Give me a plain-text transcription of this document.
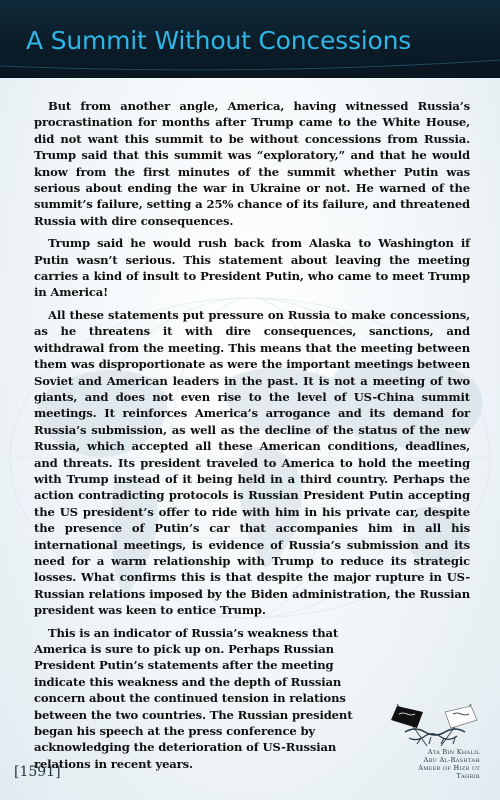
A Summit Without Concessions

But from another angle, America, having witnessed Russia’s procrastination for months after Trump came to the White House, did not want this summit to be without concessions from Russia. Trump said that this summit was “exploratory,” and that he would know from the first minutes of the summit whether Putin was serious about ending the war in Ukraine or not. He warned of the summit’s failure, setting a 25% chance of its failure, and threatened Russia with dire consequences.

Trump said he would rush back from Alaska to Washington if Putin wasn’t serious. This statement about leaving the meeting carries a kind of insult to President Putin, who came to meet Trump in America!

All these statements put pressure on Russia to make concessions, as he threatens it with dire consequences, sanctions, and withdrawal from the meeting. This means that the meeting between them was disproportionate as were the important meetings between Soviet and American leaders in the past. It is not a meeting of two giants, and does not even rise to the level of US-China summit meetings. It reinforces America’s arrogance and its demand for Russia’s submission, as well as the decline of the status of the new Russia, which accepted all these American conditions, deadlines, and threats. Its president traveled to America to hold the meeting with Trump instead of it being held in a third country. Perhaps the action contradicting protocols is Russian President Putin accepting the US president’s offer to ride with him in his private car, despite the presence of Putin’s car that accompanies him in all his international meetings, is evidence of Russia’s submission and its need for a warm relationship with Trump to reduce its strategic losses. What confirms this is that despite the major rupture in US-Russian relations imposed by the Biden administration, the Russian president was keen to entice Trump.

This is an indicator of Russia’s weakness that America is sure to pick up on. Perhaps Russian President Putin’s statements after the meeting indicate this weakness and the depth of Russian concern about the continued tension in relations between the two countries. The Russian president began his speech at the press conference by acknowledging the deterioration of US-Russian relations in recent years.

[1591]
Ata Bin Khalil
Abu Al-Rashtah
Ameer of Hizb ut Tahrir
